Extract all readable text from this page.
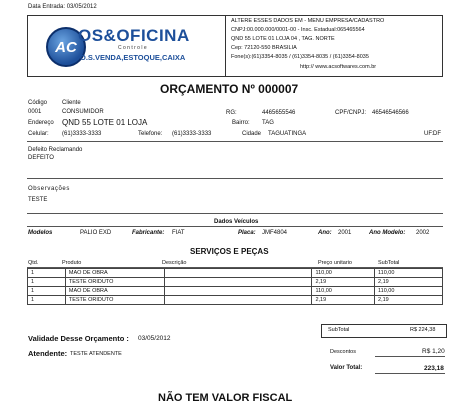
Data Entrada: 03/05/2012
AC
OS&OFICINA
C o n t r o l e
O.S.VENDA,ESTOQUE,CAIXA
ALTERE ESSES DADOS EM - MENU EMPRESA/CADASTRO
CNPJ:00.000.000/0001-00 - Insc. Estadual:065465564
QND 55 LOTE 01 LOJA 04 , TAG. NORTE
Cep: 72120-550 BRASILIA
Fone(s):(61)3354-8035 / (61)3354-8035 / (61)3354-8035
http:// www.acsoftwares.com.br
ORÇAMENTO Nº 000007
Código Cliente
0001	CONSUMIDOR	RG:	4465655546	CPF/CNPJ: 46546546566
Endereço QND 55 LOTE 01 LOJA	Bairro: TAG
Celular: (61)3333-3333	Telefone: (61)3333-3333	Cidade TAGUATINGA	UF: DF
Defeito Reclamando
DEFEITO
Observações
TESTE
Dados Veículos
Modelos	PALIO EXD	Fabricante: FIAT	Placa: JMF4804	Ano: 2001	Ano Modelo: 2002
SERVIÇOS E PEÇAS
Qtd.	Produto	Descrição	Preço unitario	SubTotal
1	MAO DE OBRA		110,00	110,00
1	TESTE ORIDUTO		2,19	2,19
1	MAO DE OBRA		110,00	110,00
1	TESTE ORIDUTO		2,19	2,19
Validade Desse Orçamento : 03/05/2012
Atendente: TESTE ATENDENTE
SubTotal	R$ 224,38
Descontos	R$ 1,20
Valor Total:	223,18
NÃO TEM VALOR FISCAL
